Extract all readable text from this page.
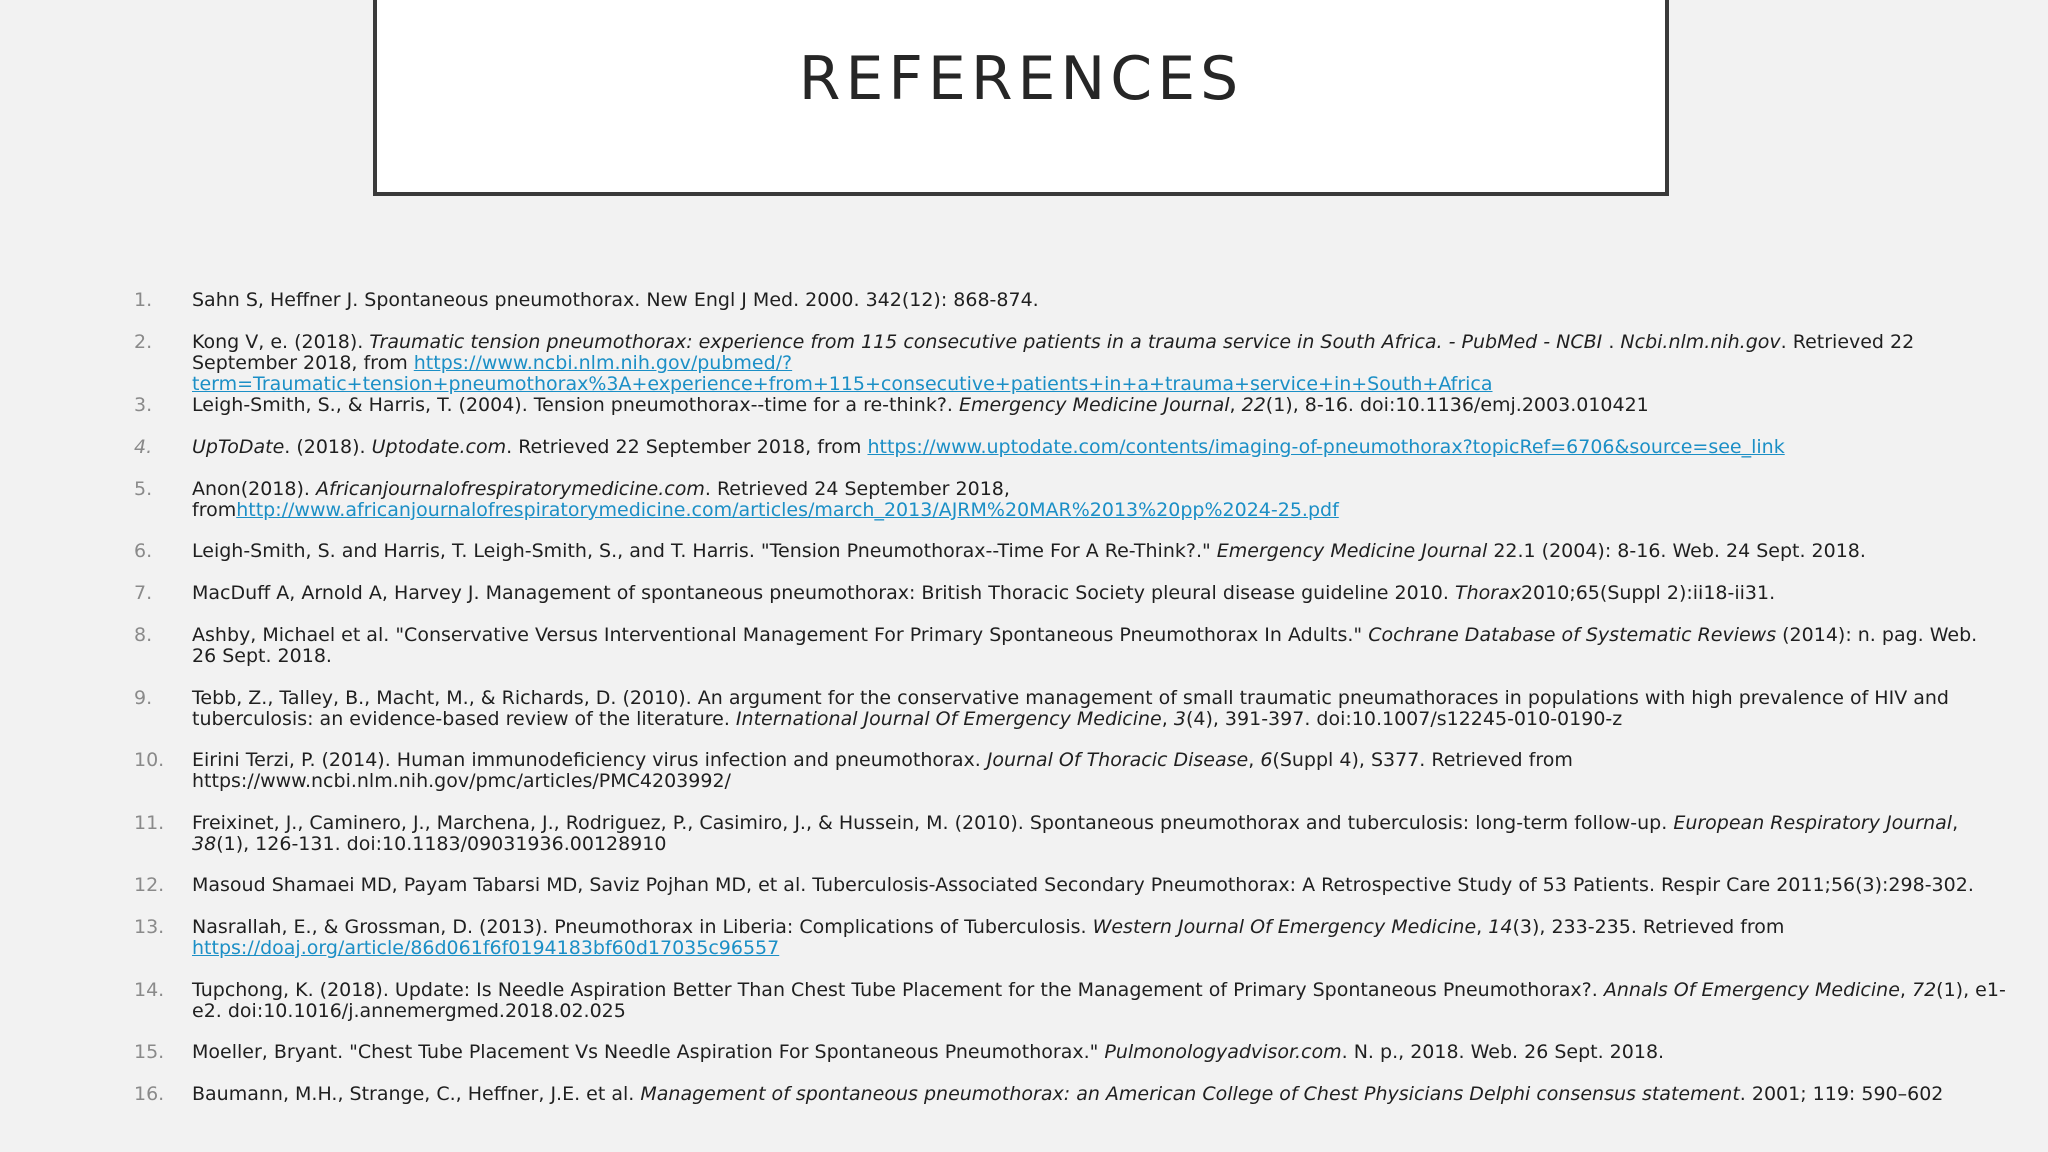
REFERENCES
1.	Sahn S, Heffner J. Spontaneous pneumothorax. New Engl J Med. 2000. 342(12): 868-874.
2.	Kong V, e. (2018). Traumatic tension pneumothorax: experience from 115 consecutive patients in a trauma service in South Africa. - PubMed - NCBI . Ncbi.nlm.nih.gov. Retrieved 22 September 2018, from https://www.ncbi.nlm.nih.gov/pubmed/?term=Traumatic+tension+pneumothorax%3A+experience+from+115+consecutive+patients+in+a+trauma+service+in+South+Africa
3.	Leigh-Smith, S., & Harris, T. (2004). Tension pneumothorax--time for a re-think?. Emergency Medicine Journal, 22(1), 8-16. doi:10.1136/emj.2003.010421
4.	UpToDate. (2018). Uptodate.com. Retrieved 22 September 2018, from https://www.uptodate.com/contents/imaging-of-pneumothorax?topicRef=6706&source=see_link
5.	Anon(2018). Africanjournalofrespiratorymedicine.com. Retrieved 24 September 2018, fromhttp://www.africanjournalofrespiratorymedicine.com/articles/march_2013/AJRM%20MAR%2013%20pp%2024-25.pdf
6.	Leigh-Smith, S. and Harris, T. Leigh-Smith, S., and T. Harris. "Tension Pneumothorax--Time For A Re-Think?." Emergency Medicine Journal 22.1 (2004): 8-16. Web. 24 Sept. 2018.
7.	MacDuff A, Arnold A, Harvey J. Management of spontaneous pneumothorax: British Thoracic Society pleural disease guideline 2010. Thorax2010;65(Suppl 2):ii18-ii31.
8.	Ashby, Michael et al. "Conservative Versus Interventional Management For Primary Spontaneous Pneumothorax In Adults." Cochrane Database of Systematic Reviews (2014): n. pag. Web. 26 Sept. 2018.
9.	Tebb, Z., Talley, B., Macht, M., & Richards, D. (2010). An argument for the conservative management of small traumatic pneumathoraces in populations with high prevalence of HIV and tuberculosis: an evidence-based review of the literature. International Journal Of Emergency Medicine, 3(4), 391-397. doi:10.1007/s12245-010-0190-z
10.	Eirini Terzi, P. (2014). Human immunodeficiency virus infection and pneumothorax. Journal Of Thoracic Disease, 6(Suppl 4), S377. Retrieved from https://www.ncbi.nlm.nih.gov/pmc/articles/PMC4203992/
11.	Freixinet, J., Caminero, J., Marchena, J., Rodriguez, P., Casimiro, J., & Hussein, M. (2010). Spontaneous pneumothorax and tuberculosis: long-term follow-up. European Respiratory Journal, 38(1), 126-131. doi:10.1183/09031936.00128910
12.	Masoud Shamaei MD, Payam Tabarsi MD, Saviz Pojhan MD, et al. Tuberculosis-Associated Secondary Pneumothorax: A Retrospective Study of 53 Patients. Respir Care 2011;56(3):298-302.
13.	Nasrallah, E., & Grossman, D. (2013). Pneumothorax in Liberia: Complications of Tuberculosis. Western Journal Of Emergency Medicine, 14(3), 233-235. Retrieved from https://doaj.org/article/86d061f6f0194183bf60d17035c96557
14.	Tupchong, K. (2018). Update: Is Needle Aspiration Better Than Chest Tube Placement for the Management of Primary Spontaneous Pneumothorax?. Annals Of Emergency Medicine, 72(1), e1-e2. doi:10.1016/j.annemergmed.2018.02.025
15.	Moeller, Bryant. "Chest Tube Placement Vs Needle Aspiration For Spontaneous Pneumothorax." Pulmonologyadvisor.com. N. p., 2018. Web. 26 Sept. 2018.
16.	Baumann, M.H., Strange, C., Heffner, J.E. et al. Management of spontaneous pneumothorax: an American College of Chest Physicians Delphi consensus statement. 2001; 119: 590–602
